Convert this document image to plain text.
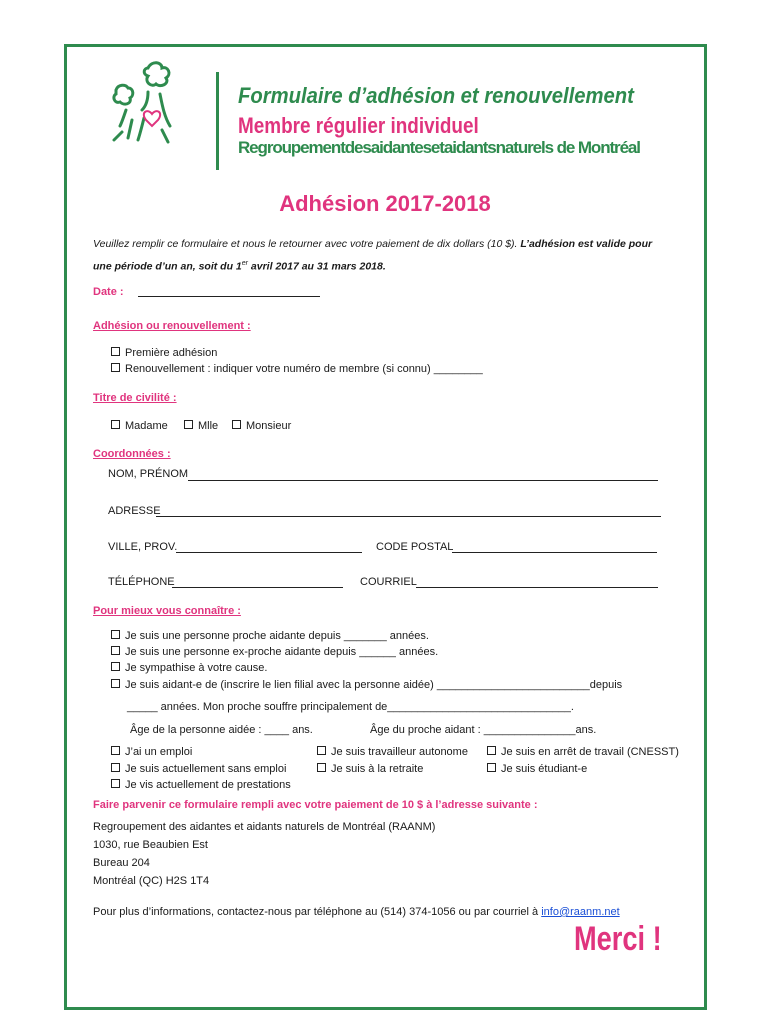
Formulaire d’adhésion et renouvellement
Membre régulier individuel
Regroupementdesaidantesetaidantsnaturels de Montréal
Adhésion 2017-2018
Veuillez remplir ce formulaire et nous le retourner avec votre paiement de dix dollars (10 $). L’adhésion est valide pour une période d’un an, soit du 1er avril 2017 au 31 mars 2018.
Date :
Adhésion ou renouvellement :
Première adhésion
Renouvellement : indiquer votre numéro de membre (si connu) ________
Titre de civilité :
Madame	Mlle	Monsieur
Coordonnées :
NOM, PRÉNOM
ADRESSE
VILLE, PROV.	CODE POSTAL
TÉLÉPHONE	COURRIEL
Pour mieux vous connaître :
Je suis une personne proche aidante depuis _______ années.
Je suis une personne ex-proche aidante depuis ______ années.
Je sympathise à votre cause.
Je suis aidant-e de (inscrire le lien filial avec la personne aidée) _________________________depuis
_____ années. Mon proche souffre principalement de______________________________.
Âge de la personne aidée : ____ ans.	Âge du proche aidant : _______________ans.
J’ai un emploi	Je suis travailleur autonome	Je suis en arrêt de travail (CNESST)
Je suis actuellement sans emploi	Je suis à la retraite	Je suis étudiant-e
Je vis actuellement de prestations
Faire parvenir ce formulaire rempli avec votre paiement de 10 $ à l’adresse suivante :
Regroupement des aidantes et aidants naturels de Montréal (RAANM)
1030, rue Beaubien Est
Bureau 204
Montréal (QC) H2S 1T4
Pour plus d’informations, contactez-nous par téléphone au (514) 374-1056 ou par courriel à info@raanm.net
Merci !
